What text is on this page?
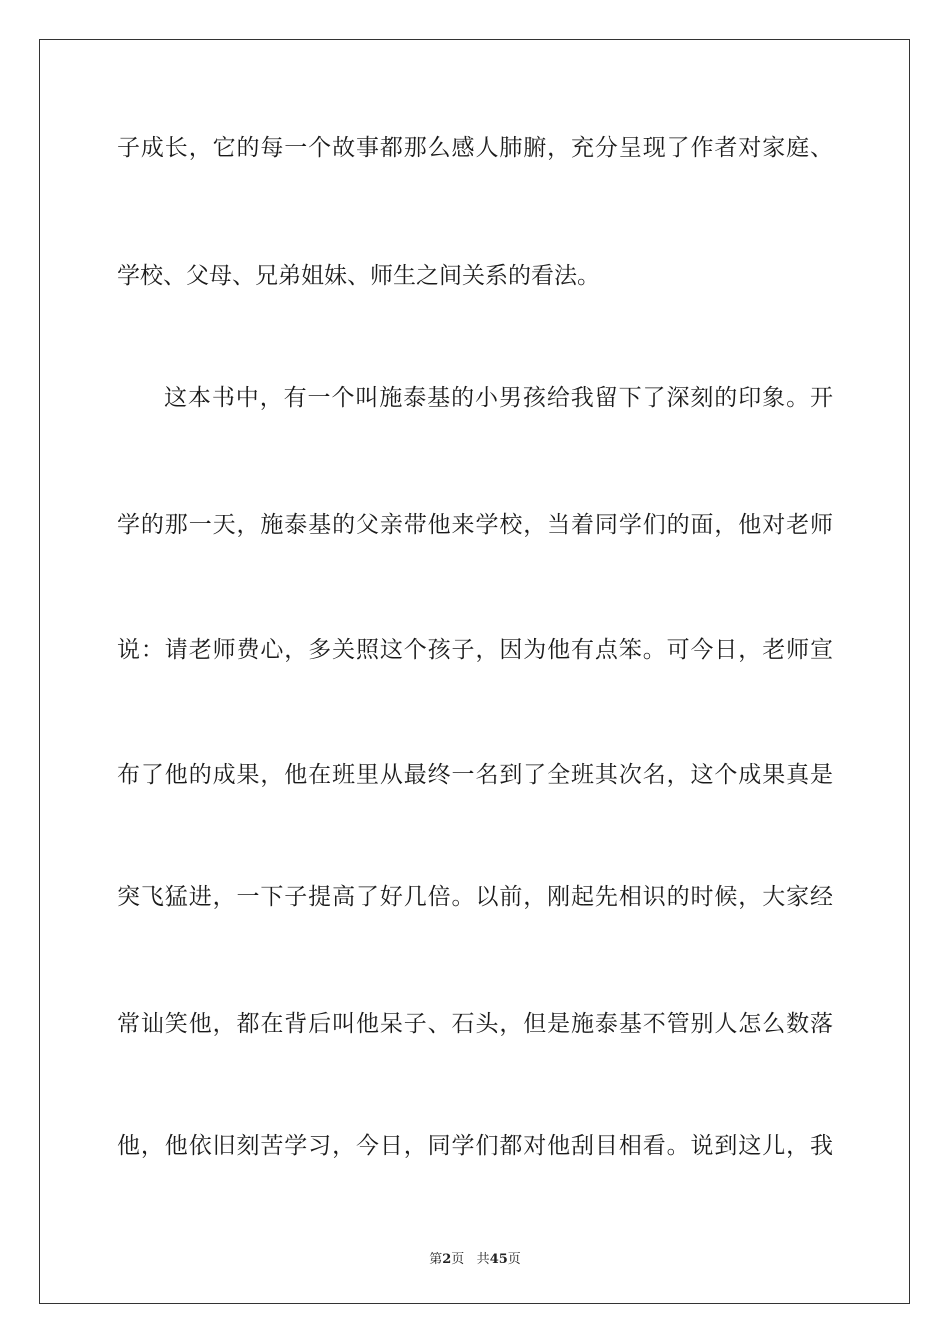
子成长，它的每一个故事都那么感人肺腑，充分呈现了作者对家庭、
学校、父母、兄弟姐妹、师生之间关系的看法。
这本书中，有一个叫施泰基的小男孩给我留下了深刻的印象。开
学的那一天，施泰基的父亲带他来学校，当着同学们的面，他对老师
说：请老师费心，多关照这个孩子，因为他有点笨。可今日，老师宣
布了他的成果，他在班里从最终一名到了全班其次名，这个成果真是
突飞猛进，一下子提高了好几倍。以前，刚起先相识的时候，大家经
常讪笑他，都在背后叫他呆子、石头，但是施泰基不管别人怎么数落
他，他依旧刻苦学习，今日，同学们都对他刮目相看。说到这儿，我
第2页 共45页
